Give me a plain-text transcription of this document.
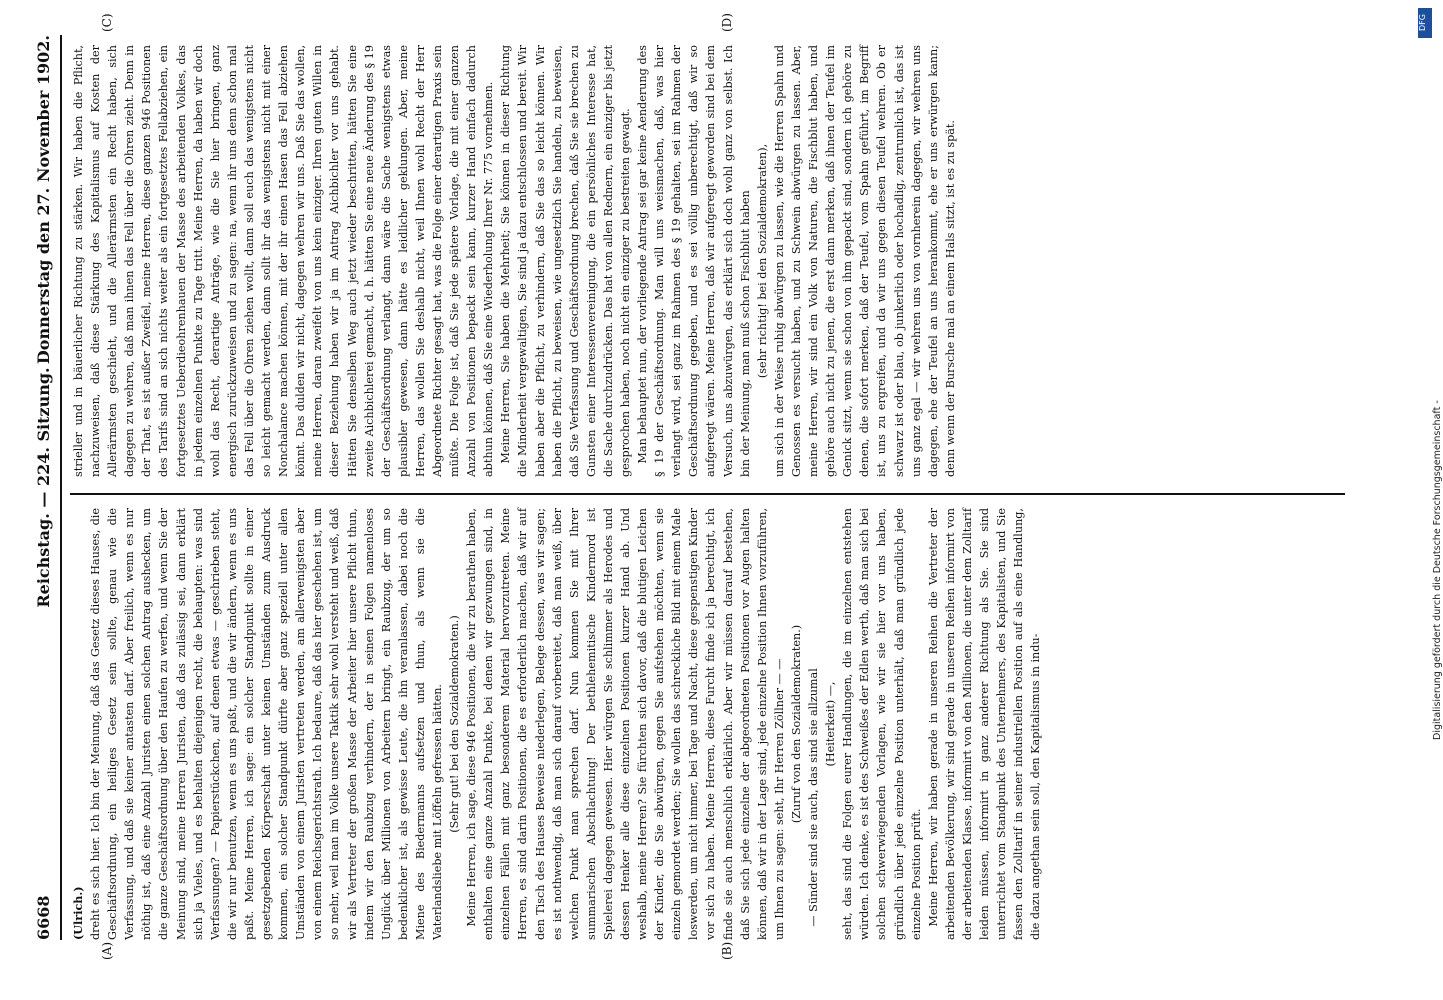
6668
Reichstag. — 224. Sitzung.
Donnerstag den 27. November 1902.
(A)	(B)
(C)	(D)

(Ulrich.) dreht es sich hier. Ich bin der Meinung, daß das Gesetz dieses Hauses, die Geschäftsordnung, ein heiliges Gesetz sein sollte, genau wie die Verfassung, und daß sie keiner antasten darf. Aber freilich, wenn es nur nöthig ist, daß eine Anzahl Juristen einen solchen Antrag aushecken, um die ganze Geschäftsordnung über den Haufen zu werfen, und wenn Sie der Meinung sind, meine Herren Juristen, daß das zulässig sei, dann erklärt sich ja Vieles, und es behalten diejenigen recht, die behaupten: was sind Verfassungen? — Papierstückchen, auf denen etwas — geschrieben steht, die wir nur benutzen, wenn es uns paßt, und die wir ändern, wenn es uns paßt. Meine Herren, ich sage: ein solcher Standpunkt sollte in einer gesetzgebenden Körperschaft unter keinen Umständen zum Ausdruck kommen, ein solcher Standpunkt dürfte aber ganz speziell unter allen Umständen von einem Juristen vertreten werden, am allerwenigsten aber von einem Reichsgerichtsrath. Ich bedaure, daß das hier geschehen ist, um so mehr, weil man im Volke unsere Taktik sehr wohl versteht und weiß, daß wir als Vertreter der großen Masse der Arbeiter hier unsere Pflicht thun, indem wir den Raubzug verhindern, der in seinen Folgen namenloses Unglück über Millionen von Arbeitern bringt, ein Raubzug, der um so bedenklicher ist, als gewisse Leute, die ihn veranlassen, dabei noch die Miene des Biedermanns aufsetzen und thun, als wenn sie die Vaterlandsliebe mit Löffeln gefressen hätten. (Sehr gut! bei den Sozialdemokraten.) Meine Herren, ich sage, diese 946 Positionen, die wir zu berathen haben, enthalten eine ganze Anzahl Punkte, bei denen wir gezwungen sind, in einzelnen Fällen mit ganz besonderem Material hervorzutreten. Meine Herren, es sind darin Positionen, die es erforderlich machen, daß wir auf den Tisch des Hauses Beweise niederlegen, Belege dessen, was wir sagen; es ist nothwendig, daß man sich darauf vorbereitet, daß man weiß, über welchen Punkt man sprechen darf. Nun kommen Sie mit Ihrer summarischen Abschlachtung! Der bethlehemitische Kindermord ist Spielerei dagegen gewesen. Hier würgen Sie schlimmer als Herodes und dessen Henker alle diese einzelnen Positionen kurzer Hand ab. Und weshalb, meine Herren? Sie fürchten sich davor, daß die blutigen Leichen der Kinder, die Sie abwürgen, gegen Sie aufstehen möchten, wenn sie einzeln gemordet werden; Sie wollen das schreckliche Bild mit einem Male loswerden, um nicht immer, bei Tage und Nacht, diese gespenstigen Kinder vor sich zu haben. Meine Herren, diese Furcht finde ich ja berechtigt, ich finde sie auch menschlich erklärlich. Aber wir müssen darauf bestehen, daß Sie sich jede einzelne der abgeordneten Positionen vor Augen halten können, daß wir in der Lage sind, jede einzelne Position Ihnen vorzuführen, um Ihnen zu sagen: seht, Ihr Herren Zöllner — — (Zuruf von den Sozialdemokraten.) — Sünder sind sie auch, das sind sie allzumal (Heiterkeit) —, seht, das sind die Folgen eurer Handlungen, die im einzelnen entstehen würden. Ich denke, es ist des Schweißes der Edlen werth, daß man sich bei solchen schwerwiegenden Vorlagen, wie wir sie hier vor uns haben, gründlich über jede einzelne Position unterhält, daß man gründlich jede einzelne Position prüft. Meine Herren, wir haben gerade in unseren Reihen die Vertreter der arbeitenden Bevölkerung, wir sind gerade in unseren Reihen informirt von der arbeitenden Klasse, informirt von den Millionen, die unter dem Zolltarif leiden müssen, informirt in ganz anderer Richtung als Sie. Sie sind unterrichtet vom Standpunkt des Unternehmers, des Kapitalisten, und Sie fassen den Zolltarif in seiner industriellen Position auf als eine Handlung, die dazu angethan sein soll, den Kapitalismus in indu-

strieller und in bäuerlicher Richtung zu stärken. Wir haben die Pflicht, nachzuweisen, daß diese Stärkung des Kapitalismus auf Kosten der Allerärmsten geschieht, und die Allerärmsten ein Recht haben, sich dagegen zu wehren, daß man ihnen das Fell über die Ohren zieht. Denn in der That, es ist außer Zweifel, meine Herren, diese ganzen 946 Positionen des Tarifs sind an sich nichts weiter als ein fortgesetztes Fellabziehen, ein fortgesetztes Ueberdieohrenhauen der Masse des arbeitenden Volkes, das in jedem einzelnen Punkte zu Tage tritt. Meine Herren, da haben wir doch wohl das Recht, derartige Anträge, wie die Sie hier bringen, ganz energisch zurückzuweisen und zu sagen: na, wenn ihr uns denn schon mal das Fell über die Ohren ziehen wollt, dann soll euch das wenigstens nicht so leicht gemacht werden, dann sollt ihr das wenigstens nicht mit einer Nonchalance machen können, mit der ihr einen Hasen das Fell abziehen könnt. Das dulden wir nicht, dagegen wehren wir uns. Daß Sie das wollen, meine Herren, daran zweifelt von uns kein einziger. Ihren guten Willen in dieser Beziehung haben wir ja im Antrag Aichbichler vor uns gehabt. Hätten Sie denselben Weg auch jetzt wieder beschritten, hätten Sie eine zweite Aichbichlerei gemacht, d. h. hätten Sie eine neue Änderung des § 19 der Geschäftsordnung verlangt, dann wäre die Sache wenigstens etwas plausibler gewesen, dann hätte es leidlicher geklungen. Aber, meine Herren, das wollen Sie deshalb nicht, weil Ihnen wohl Recht der Herr Abgeordnete Richter gesagt hat, was die Folge einer derartigen Praxis sein müßte. Die Folge ist, daß Sie jede spätere Vorlage, die mit einer ganzen Anzahl von Positionen bepackt sein kann, kurzer Hand einfach dadurch abthun können, daß Sie eine Wiederholung Ihrer Nr. 775 vornehmen. Meine Herren, Sie haben die Mehrheit; Sie können in dieser Richtung die Minderheit vergewaltigen, Sie sind ja dazu entschlossen und bereit. Wir haben aber die Pflicht, zu verhindern, daß Sie das so leicht können. Wir haben die Pflicht, zu beweisen, wie ungesetzlich Sie handeln, zu beweisen, daß Sie Verfassung und Geschäftsordnung brechen, daß Sie sie brechen zu Gunsten einer Interessenvereinigung, die ein persönliches Interesse hat, die Sache durchzudrücken. Das hat von allen Rednern, ein einziger bis jetzt gesprochen haben, noch nicht ein einziger zu bestreiten gewagt. Man behauptet nun, der vorliegende Antrag sei gar keine Aenderung des § 19 der Geschäftsordnung. Man will uns weismachen, daß, was hier verlangt wird, sei ganz im Rahmen des § 19 gehalten, sei im Rahmen der Geschäftsordnung gegeben, und es sei völlig unberechtigt, daß wir so aufgeregt wären. Meine Herren, daß wir aufgeregt geworden sind bei dem Versuch, uns abzuwürgen, das erklärt sich doch wohl ganz von selbst. Ich bin der Meinung, man muß schon Fischblut haben (sehr richtig! bei den Sozialdemokraten), um sich in der Weise ruhig abwürgen zu lassen, wie die Herren Spahn und Genossen es versucht haben, und zu Schwein abwürgen zu lassen. Aber, meine Herren, wir sind ein Volk von Naturen, die Fischblut haben, und gehöre auch nicht zu jenen, die erst dann merken, daß ihnen der Teufel im Genick sitzt, wenn sie schon von ihm gepackt sind, sondern ich gehöre zu denen, die sofort merken, daß der Teufel, vom Spahn geführt, im Begriff ist, uns zu ergreifen, und da wir uns gegen diesen Teufel wehren. Ob er schwarz ist oder blau, ob junkerlich oder hochadlig, zentrumlich ist, das ist uns ganz egal — wir wehren uns von vornherein dagegen, wir wehren uns dagegen, ehe der Teufel an uns herankommt, ehe er uns erwürgen kann; denn wenn der Bursche mal an einem Hals sitzt, ist es zu spät.

DFG
Digitalisierung gefördert durch die Deutsche Forschungsgemeinschaft -
